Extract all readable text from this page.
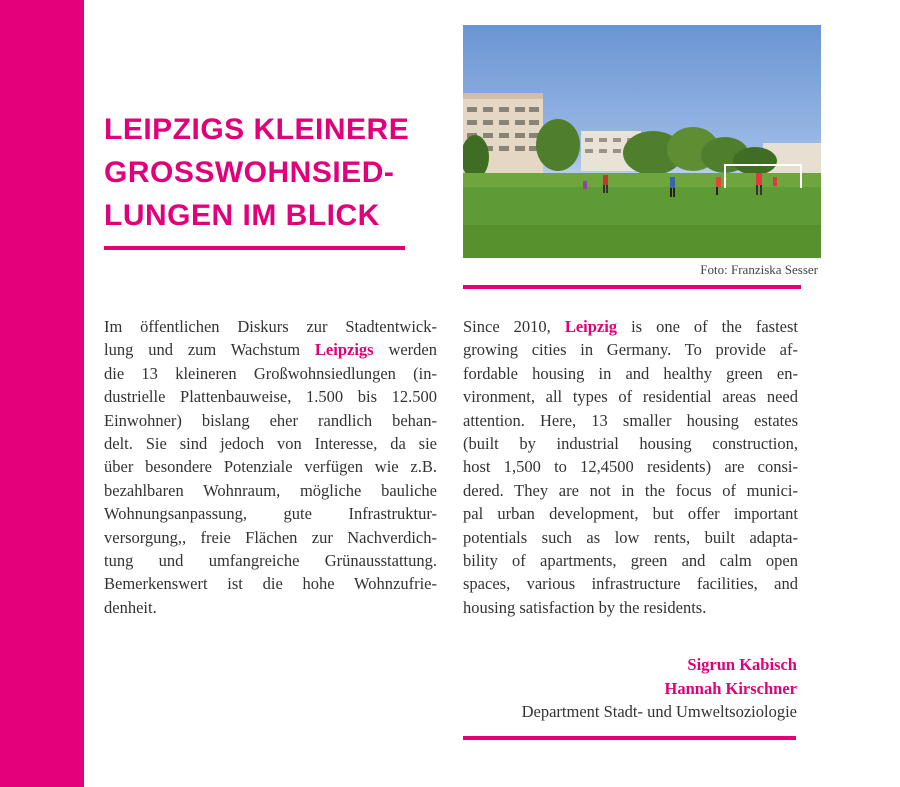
LEIPZIGS KLEINERE
GROSSWOHNSIED-
LUNGEN IM BLICK

Foto: Franziska Sesser

Im öffentlichen Diskurs zur Stadtentwick-
lung und zum Wachstum Leipzigs werden
die 13 kleineren Großwohnsiedlungen (in-
dustrielle Plattenbauweise, 1.500 bis 12.500
Einwohner) bislang eher randlich behan-
delt. Sie sind jedoch von Interesse, da sie
über besondere Potenziale verfügen wie z.B.
bezahlbaren Wohnraum, mögliche bauliche
Wohnungsanpassung, gute Infrastruktur-
versorgung,, freie Flächen zur Nachverdich-
tung und umfangreiche Grünausstattung.
Bemerkenswert ist die hohe Wohnzufrie-
denheit.

Since 2010, Leipzig is one of the fastest
growing cities in Germany. To provide af-
fordable housing in and healthy green en-
vironment, all types of residential areas need
attention. Here, 13 smaller housing estates
(built by industrial housing construction,
host 1,500 to 12,4500 residents) are consi-
dered. They are not in the focus of munici-
pal urban development, but offer important
potentials such as low rents, built adapta-
bility of apartments, green and calm open
spaces, various infrastructure facilities, and
housing satisfaction by the residents.

Sigrun Kabisch
Hannah Kirschner
Department Stadt- und Umweltsoziologie
